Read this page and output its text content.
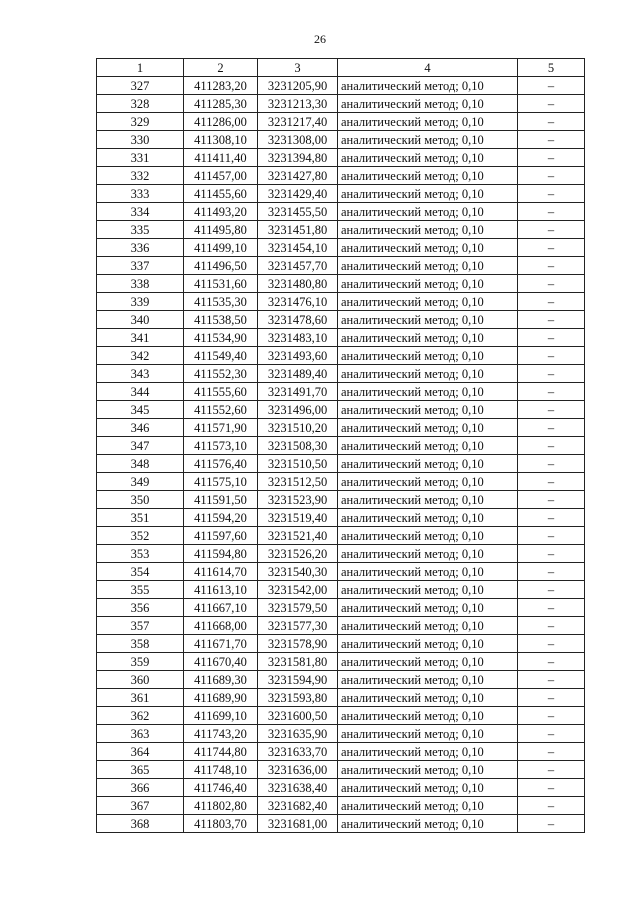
26
1	2	3	4	5
327	411283,20	3231205,90	аналитический метод; 0,10	–
328	411285,30	3231213,30	аналитический метод; 0,10	–
329	411286,00	3231217,40	аналитический метод; 0,10	–
330	411308,10	3231308,00	аналитический метод; 0,10	–
331	411411,40	3231394,80	аналитический метод; 0,10	–
332	411457,00	3231427,80	аналитический метод; 0,10	–
333	411455,60	3231429,40	аналитический метод; 0,10	–
334	411493,20	3231455,50	аналитический метод; 0,10	–
335	411495,80	3231451,80	аналитический метод; 0,10	–
336	411499,10	3231454,10	аналитический метод; 0,10	–
337	411496,50	3231457,70	аналитический метод; 0,10	–
338	411531,60	3231480,80	аналитический метод; 0,10	–
339	411535,30	3231476,10	аналитический метод; 0,10	–
340	411538,50	3231478,60	аналитический метод; 0,10	–
341	411534,90	3231483,10	аналитический метод; 0,10	–
342	411549,40	3231493,60	аналитический метод; 0,10	–
343	411552,30	3231489,40	аналитический метод; 0,10	–
344	411555,60	3231491,70	аналитический метод; 0,10	–
345	411552,60	3231496,00	аналитический метод; 0,10	–
346	411571,90	3231510,20	аналитический метод; 0,10	–
347	411573,10	3231508,30	аналитический метод; 0,10	–
348	411576,40	3231510,50	аналитический метод; 0,10	–
349	411575,10	3231512,50	аналитический метод; 0,10	–
350	411591,50	3231523,90	аналитический метод; 0,10	–
351	411594,20	3231519,40	аналитический метод; 0,10	–
352	411597,60	3231521,40	аналитический метод; 0,10	–
353	411594,80	3231526,20	аналитический метод; 0,10	–
354	411614,70	3231540,30	аналитический метод; 0,10	–
355	411613,10	3231542,00	аналитический метод; 0,10	–
356	411667,10	3231579,50	аналитический метод; 0,10	–
357	411668,00	3231577,30	аналитический метод; 0,10	–
358	411671,70	3231578,90	аналитический метод; 0,10	–
359	411670,40	3231581,80	аналитический метод; 0,10	–
360	411689,30	3231594,90	аналитический метод; 0,10	–
361	411689,90	3231593,80	аналитический метод; 0,10	–
362	411699,10	3231600,50	аналитический метод; 0,10	–
363	411743,20	3231635,90	аналитический метод; 0,10	–
364	411744,80	3231633,70	аналитический метод; 0,10	–
365	411748,10	3231636,00	аналитический метод; 0,10	–
366	411746,40	3231638,40	аналитический метод; 0,10	–
367	411802,80	3231682,40	аналитический метод; 0,10	–
368	411803,70	3231681,00	аналитический метод; 0,10	–
